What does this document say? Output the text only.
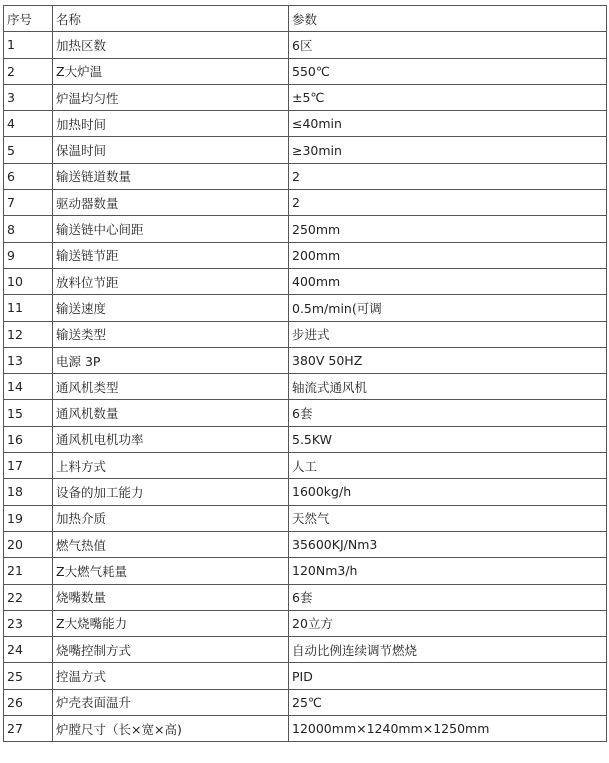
序号	名称	参数
1	加热区数	6区
2	Z大炉温	550℃
3	炉温均匀性	±5℃
4	加热时间	≤40min
5	保温时间	≥30min
6	输送链道数量	2
7	驱动器数量	2
8	输送链中心间距	250mm
9	输送链节距	200mm
10	放料位节距	400mm
11	输送速度	0.5m/min(可调
12	输送类型	步进式
13	电源 3P	380V 50HZ
14	通风机类型	轴流式通风机
15	通风机数量	6套
16	通风机电机功率	5.5KW
17	上料方式	人工
18	设备的加工能力	1600kg/h
19	加热介质	天然气
20	燃气热值	35600KJ/Nm3
21	Z大燃气耗量	120Nm3/h
22	烧嘴数量	6套
23	Z大烧嘴能力	20立方
24	烧嘴控制方式	自动比例连续调节燃烧
25	控温方式	PID
26	炉壳表面温升	25℃
27	炉膛尺寸（长×宽×高)	12000mm×1240mm×1250mm
